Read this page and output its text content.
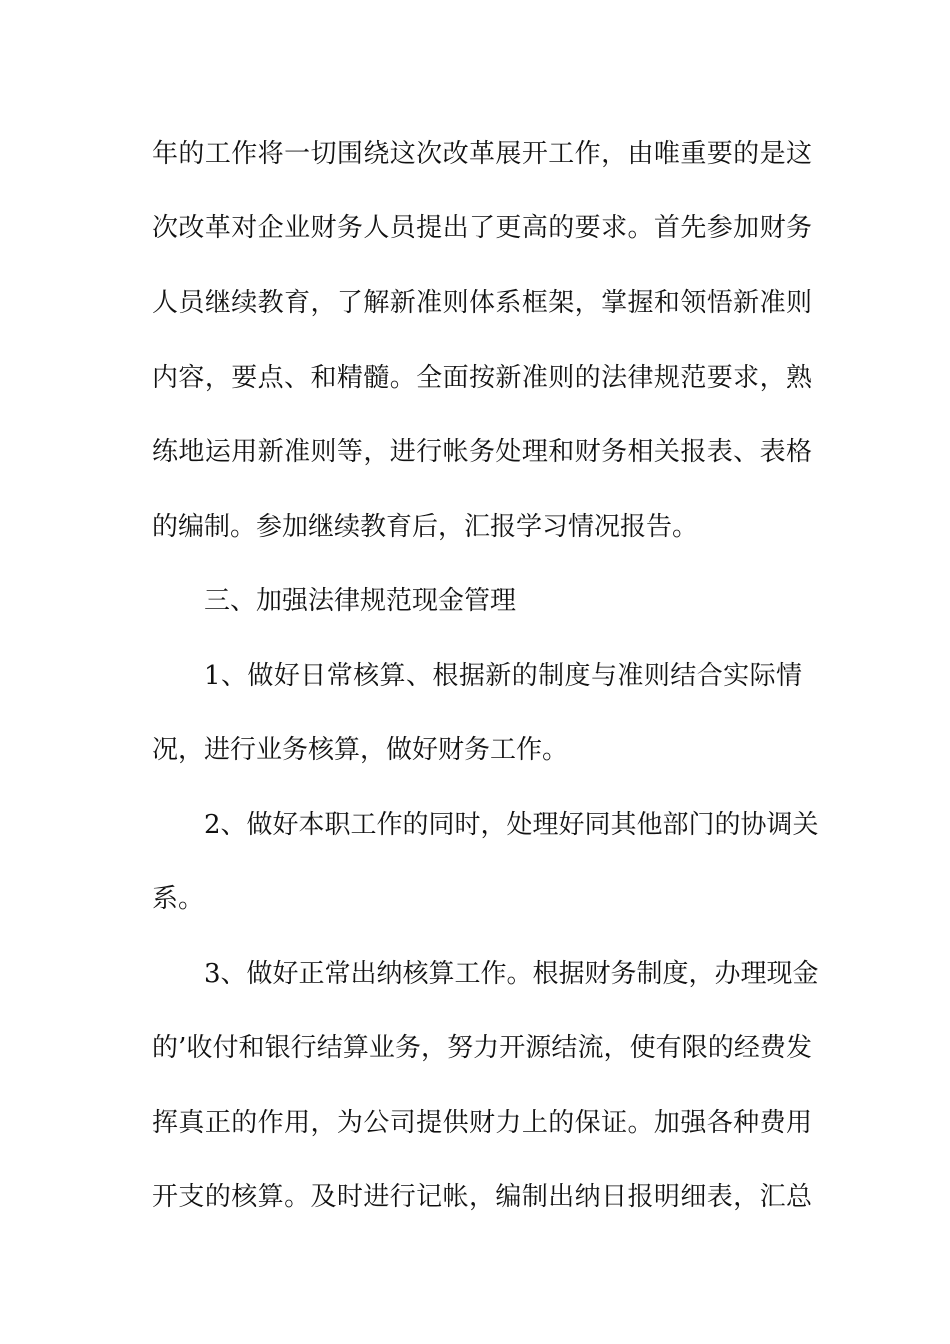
年的工作将一切围绕这次改革展开工作，由唯重要的是这
次改革对企业财务人员提出了更高的要求。首先参加财务
人员继续教育，了解新准则体系框架，掌握和领悟新准则
内容，要点、和精髓。全面按新准则的法律规范要求，熟
练地运用新准则等，进行帐务处理和财务相关报表、表格
的编制。参加继续教育后，汇报学习情况报告。
三、加强法律规范现金管理
1、做好日常核算、根据新的制度与准则结合实际情
况，进行业务核算，做好财务工作。
2、做好本职工作的同时，处理好同其他部门的协调关
系。
3、做好正常出纳核算工作。根据财务制度，办理现金
的’收付和银行结算业务，努力开源结流，使有限的经费发
挥真正的作用，为公司提供财力上的保证。加强各种费用
开支的核算。及时进行记帐，编制出纳日报明细表，汇总
